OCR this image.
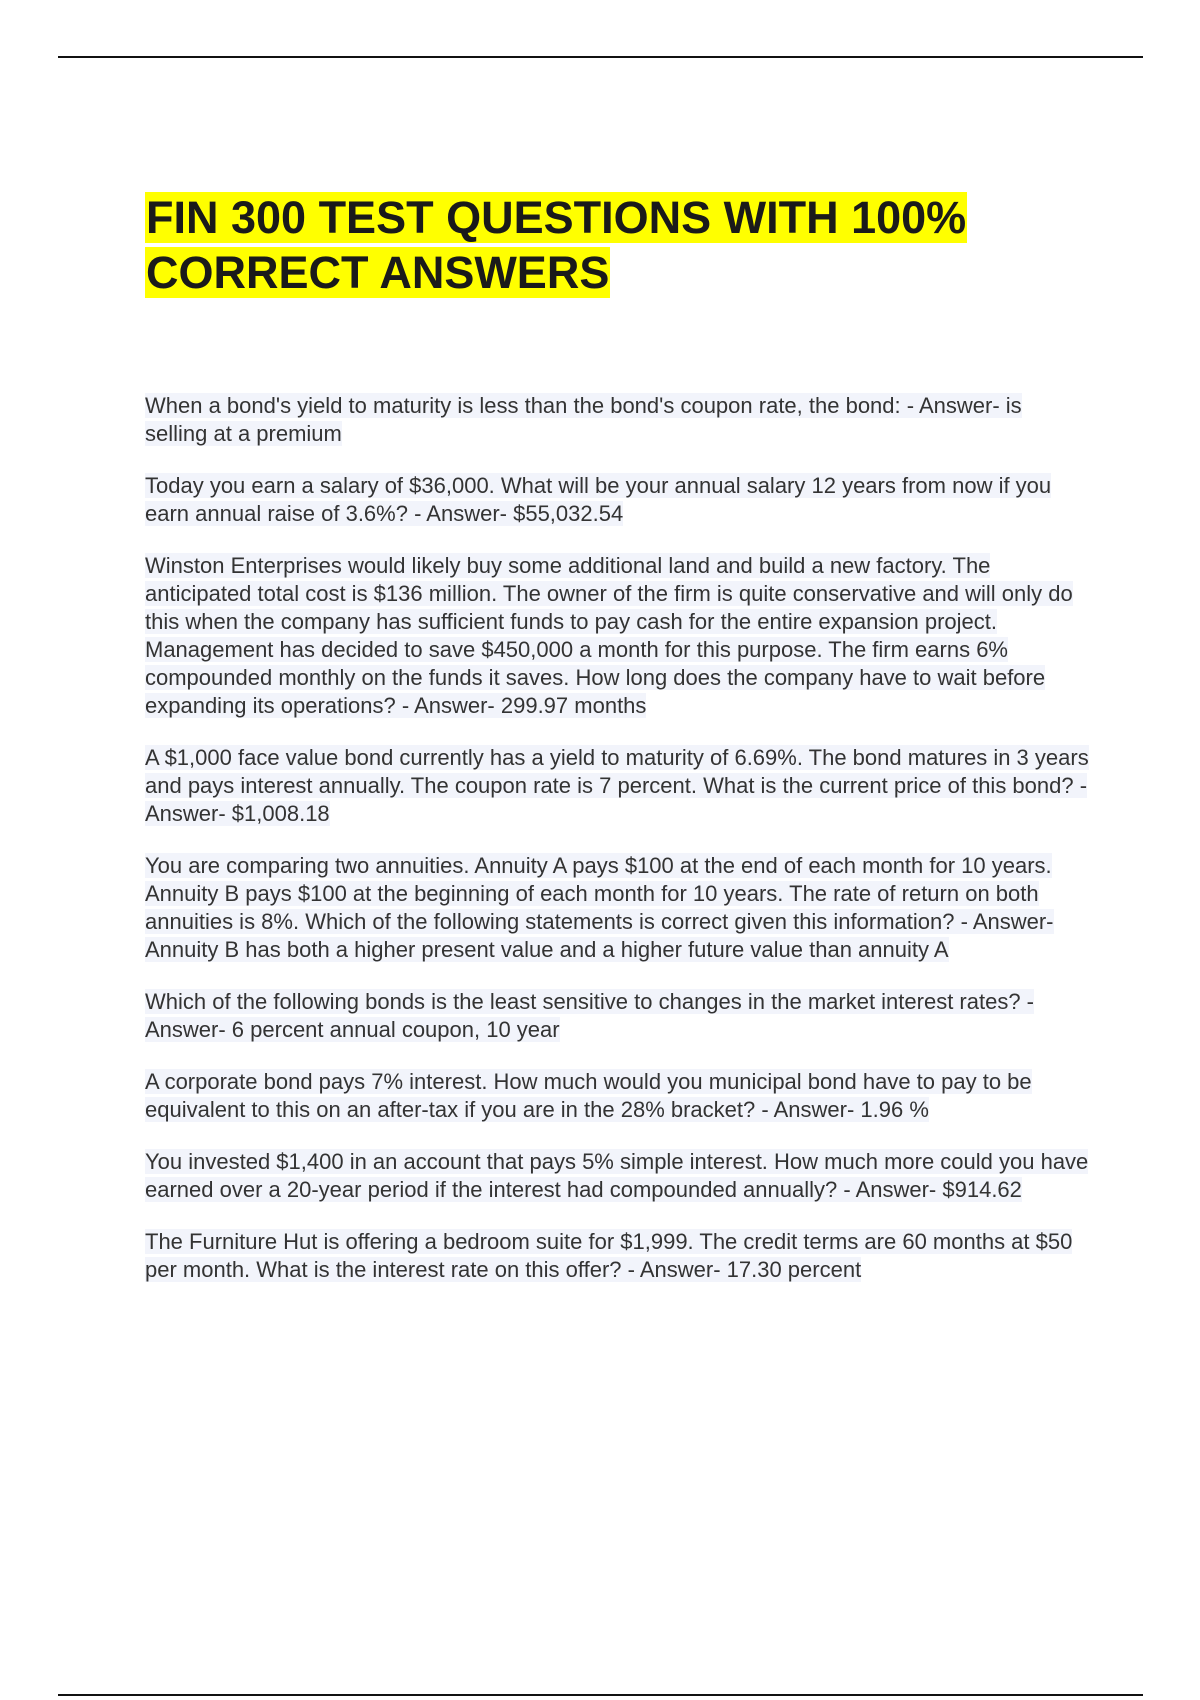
FIN 300 TEST QUESTIONS WITH 100% CORRECT ANSWERS

When a bond's yield to maturity is less than the bond's coupon rate, the bond: - Answer- is selling at a premium

Today you earn a salary of $36,000. What will be your annual salary 12 years from now if you earn annual raise of 3.6%? - Answer- $55,032.54

Winston Enterprises would likely buy some additional land and build a new factory. The anticipated total cost is $136 million. The owner of the firm is quite conservative and will only do this when the company has sufficient funds to pay cash for the entire expansion project. Management has decided to save $450,000 a month for this purpose. The firm earns 6% compounded monthly on the funds it saves. How long does the company have to wait before expanding its operations? - Answer- 299.97 months

A $1,000 face value bond currently has a yield to maturity of 6.69%. The bond matures in 3 years and pays interest annually. The coupon rate is 7 percent. What is the current price of this bond? - Answer- $1,008.18

You are comparing two annuities. Annuity A pays $100 at the end of each month for 10 years. Annuity B pays $100 at the beginning of each month for 10 years. The rate of return on both annuities is 8%. Which of the following statements is correct given this information? - Answer- Annuity B has both a higher present value and a higher future value than annuity A

Which of the following bonds is the least sensitive to changes in the market interest rates? - Answer- 6 percent annual coupon, 10 year

A corporate bond pays 7% interest. How much would you municipal bond have to pay to be equivalent to this on an after-tax if you are in the 28% bracket? - Answer- 1.96 %

You invested $1,400 in an account that pays 5% simple interest. How much more could you have earned over a 20-year period if the interest had compounded annually? - Answer- $914.62

The Furniture Hut is offering a bedroom suite for $1,999. The credit terms are 60 months at $50 per month. What is the interest rate on this offer? - Answer- 17.30 percent
